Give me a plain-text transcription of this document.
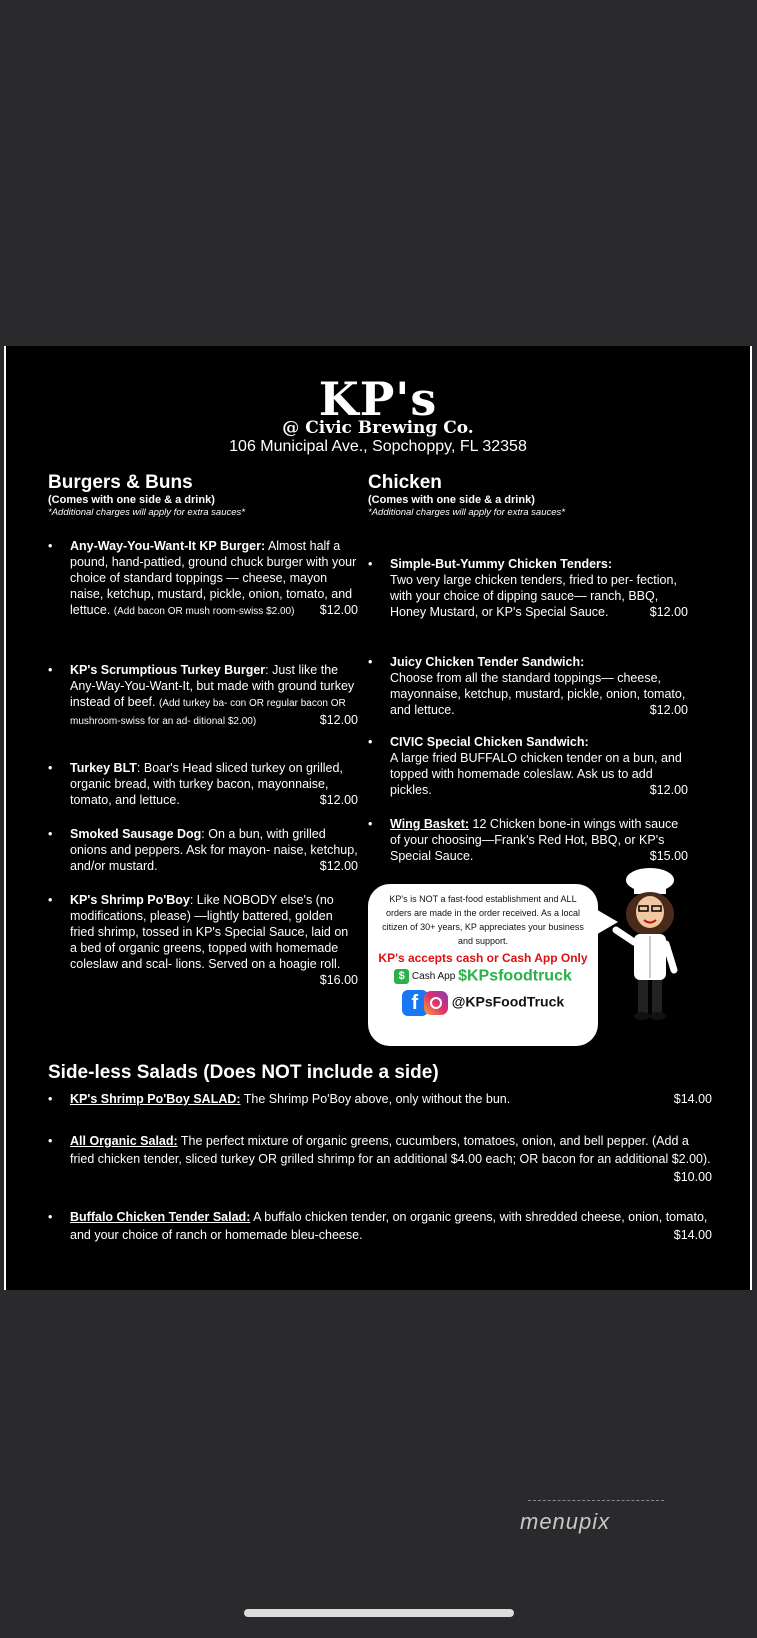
KP's
@ Civic Brewing Co.
106 Municipal Ave., Sopchoppy, FL 32358
Burgers & Buns
(Comes with one side & a drink)
*Additional charges will apply for extra sauces*
• Any-Way-You-Want-It KP Burger: Almost half a pound, hand-pattied, ground chuck burger with your choice of standard toppings — cheese, mayon naise, ketchup, mustard, pickle, onion, tomato, and lettuce. (Add bacon OR mush room-swiss $2.00) $12.00
• KP's Scrumptious Turkey Burger: Just like the Any-Way-You-Want-It, but made with ground turkey instead of beef. (Add turkey ba- con OR regular bacon OR mushroom-swiss for an ad- ditional $2.00)	$12.00
• Turkey BLT: Boar's Head sliced turkey on grilled, organic bread, with turkey bacon, mayonnaise, tomato, and lettuce.	$12.00
• Smoked Sausage Dog: On a bun, with grilled onions and peppers. Ask for mayon- naise, ketchup, and/or mustard.	$12.00
• KP's Shrimp Po'Boy: Like NOBODY else's (no modifications, please) —lightly battered, golden fried shrimp, tossed in KP's Special Sauce, laid on a bed of organic greens, topped with homemade coleslaw and scal- lions. Served on a hoagie roll.
$16.00
Chicken
(Comes with one side & a drink)
*Additional charges will apply for extra sauces*
• Simple-But-Yummy Chicken Tenders:
Two very large chicken tenders, fried to per- fection, with your choice of dipping sauce— ranch, BBQ, Honey Mustard, or KP's Special Sauce.	$12.00
• Juicy Chicken Tender Sandwich:
Choose from all the standard toppings— cheese, mayonnaise, ketchup, mustard, pickle, onion, tomato, and lettuce.	$12.00
• CIVIC Special Chicken Sandwich:
A large fried BUFFALO chicken tender on a bun, and topped with homemade coleslaw. Ask us to add pickles.	$12.00
• Wing Basket: 12 Chicken bone-in wings with sauce of your choosing—Frank's Red Hot, BBQ, or KP's Special Sauce.	$15.00
KP's is NOT a fast-food establishment and ALL orders are made in the order received. As a local citizen of 30+ years, KP appreciates your business and support.
KP's accepts cash or Cash App Only
$ Cash App $KPsfoodtruck
f @KPsFoodTruck
Side-less Salads (Does NOT include a side)
• KP's Shrimp Po'Boy SALAD: The Shrimp Po'Boy above, only without the bun.	$14.00
• All Organic Salad: The perfect mixture of organic greens, cucumbers, tomatoes, onion, and bell pepper. (Add a fried chicken tender, sliced turkey OR grilled shrimp for an additional $4.00 each; OR bacon for an additional $2.00).
$10.00
• Buffalo Chicken Tender Salad: A buffalo chicken tender, on organic greens, with shredded cheese, onion, tomato, and your choice of ranch or homemade bleu-cheese.	$14.00
menupix
